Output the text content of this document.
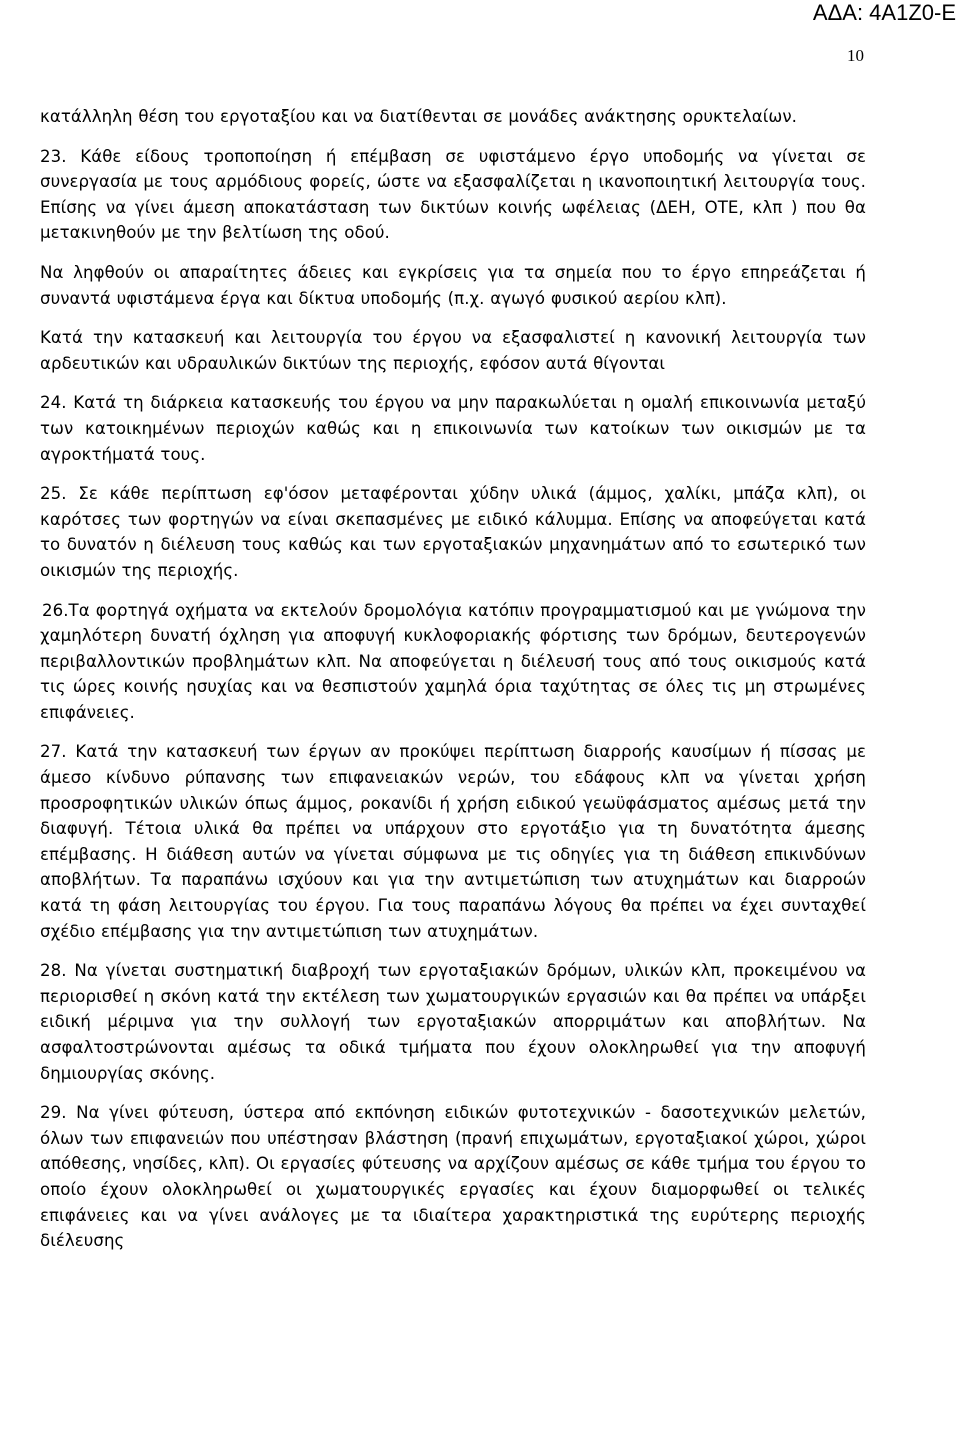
ΑΔΑ: 4Α1Ζ0-Ε
10

κατάλληλη θέση του εργοταξίου και να διατίθενται σε μονάδες ανάκτησης ορυκτελαίων.

23. Κάθε είδους τροποποίηση ή επέμβαση σε υφιστάμενο έργο υποδομής να γίνεται σε συνεργασία με τους αρμόδιους φορείς, ώστε να εξασφαλίζεται η ικανοποιητική λειτουργία τους. Επίσης να γίνει άμεση αποκατάσταση των δικτύων κοινής ωφέλειας (ΔΕΗ, ΟΤΕ, κλπ ) που θα μετακινηθούν με την βελτίωση της οδού.

Να ληφθούν οι απαραίτητες άδειες και εγκρίσεις για τα σημεία που το έργο επηρεάζεται ή συναντά υφιστάμενα έργα και δίκτυα υποδομής (π.χ. αγωγό φυσικού αερίου κλπ).

Κατά την κατασκευή και λειτουργία του έργου να εξασφαλιστεί η κανονική λειτουργία των αρδευτικών και υδραυλικών δικτύων της περιοχής, εφόσον αυτά θίγονται

24. Κατά τη διάρκεια κατασκευής του έργου να μην παρακωλύεται η ομαλή επικοινωνία μεταξύ των κατοικημένων περιοχών καθώς και η επικοινωνία των κατοίκων των οικισμών με τα αγροκτήματά τους.

25. Σε κάθε περίπτωση εφ'όσον μεταφέρονται χύδην υλικά (άμμος, χαλίκι, μπάζα κλπ), οι καρότσες των φορτηγών να είναι σκεπασμένες με ειδικό κάλυμμα. Επίσης να αποφεύγεται κατά το δυνατόν η διέλευση τους καθώς και των εργοταξιακών μηχανημάτων από το εσωτερικό των οικισμών της περιοχής.

26.Τα φορτηγά οχήματα να εκτελούν δρομολόγια κατόπιν προγραμματισμού και με γνώμονα την χαμηλότερη δυνατή όχληση για αποφυγή κυκλοφοριακής φόρτισης των δρόμων, δευτερογενών περιβαλλοντικών προβλημάτων κλπ. Να αποφεύγεται η διέλευσή τους από τους οικισμούς κατά τις ώρες κοινής ησυχίας και να θεσπιστούν χαμηλά όρια ταχύτητας σε όλες τις μη στρωμένες επιφάνειες.

27. Κατά την κατασκευή των έργων αν προκύψει περίπτωση διαρροής καυσίμων ή πίσσας με άμεσο κίνδυνο ρύπανσης των επιφανειακών νερών, του εδάφους κλπ να γίνεται χρήση προσροφητικών υλικών όπως άμμος, ροκανίδι ή χρήση ειδικού γεωϋφάσματος αμέσως μετά την διαφυγή. Τέτοια υλικά θα πρέπει να υπάρχουν στο εργοτάξιο για τη δυνατότητα άμεσης επέμβασης. Η διάθεση αυτών να γίνεται σύμφωνα με τις οδηγίες για τη διάθεση επικινδύνων αποβλήτων. Τα παραπάνω ισχύουν και για την αντιμετώπιση των ατυχημάτων και διαρροών κατά τη φάση λειτουργίας του έργου. Για τους παραπάνω λόγους θα πρέπει να έχει συνταχθεί σχέδιο επέμβασης για την αντιμετώπιση των ατυχημάτων.

28. Να γίνεται συστηματική διαβροχή των εργοταξιακών δρόμων, υλικών κλπ, προκειμένου να περιορισθεί η σκόνη κατά την εκτέλεση των χωματουργικών εργασιών και θα πρέπει να υπάρξει ειδική μέριμνα για την συλλογή των εργοταξιακών απορριμάτων και αποβλήτων. Να ασφαλτοστρώνονται αμέσως τα οδικά τμήματα που έχουν ολοκληρωθεί για την αποφυγή δημιουργίας σκόνης.

29. Να γίνει φύτευση, ύστερα από εκπόνηση ειδικών φυτοτεχνικών - δασοτεχνικών μελετών, όλων των επιφανειών που υπέστησαν βλάστηση (πρανή επιχωμάτων, εργοταξιακοί χώροι, χώροι απόθεσης, νησίδες, κλπ). Οι εργασίες φύτευσης να αρχίζουν αμέσως σε κάθε τμήμα του έργου το οποίο έχουν ολοκληρωθεί οι χωματουργικές εργασίες και έχουν διαμορφωθεί οι τελικές επιφάνειες και να γίνει ανάλογες με τα ιδιαίτερα χαρακτηριστικά της ευρύτερης περιοχής διέλευσης
